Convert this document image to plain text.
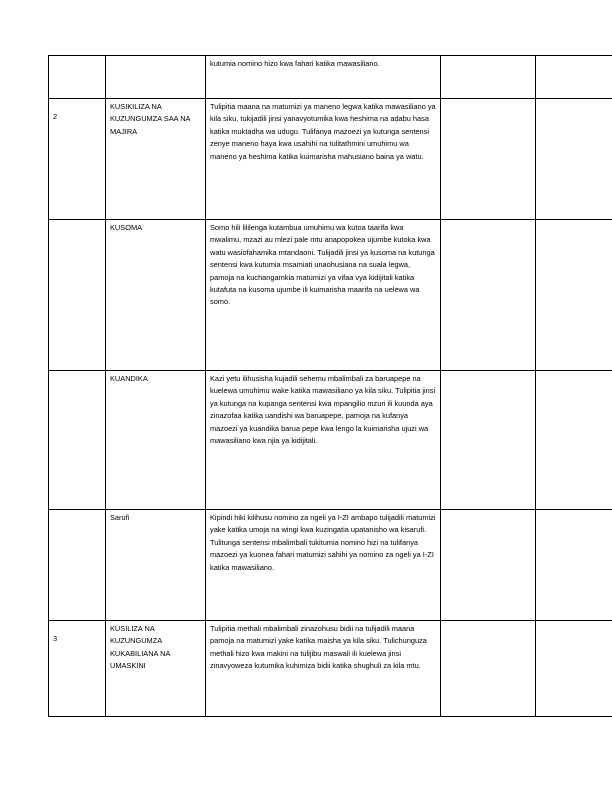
		kutumia nomino hizo kwa fahari katika mawasiliano.			

2	KUSIKILIZA NA KUZUNGUMZA SAA NA MAJIRA	Tulipitia maana na matumizi ya maneno legwa katika mawasiliano ya kila siku, tukijadili jinsi yanavyotumika kwa heshima na adabu hasa katika muktadha wa udugu. Tulifanya mazoezi ya kutunga sentensi zenye maneno haya kwa usahihi na tulitathmini umuhimu wa maneno ya heshima katika kuimarisha mahusiano baina ya watu.			

	KUSOMA	Somo hili lililenga kutambua umuhimu wa kutoa taarifa kwa mwalimu, mzazi au mlezi pale mtu anapopokea ujumbe kutoka kwa watu wasiofahamika mtandaoni. Tulijadili jinsi ya kusoma na kutunga sentensi kwa kutumia msamiati unaohusiana na suala legwa, pamoja na kuchangamkia matumizi ya vifaa vya kidijitali katika kutafuta na kusoma ujumbe ili kuimarisha maarifa na uelewa wa somo.			

	KUANDIKA	Kazi yetu ilihusisha kujadili sehemu mbalimbali za baruapepe na kuelewa umuhimu wake katika mawasiliano ya kila siku. Tulipitia jinsi ya kutunga na kupanga sentensi kwa mpangilio mzuri ili kuunda aya zinazofaa katika uandishi wa baruapepe, pamoja na kufanya mazoezi ya kuandika barua pepe kwa lengo la kuimarisha ujuzi wa mawasiliano kwa njia ya kidijitali.			

	Sarufi	Kipindi hiki kilihusu nomino za ngeli ya I-ZI ambapo tulijadili matumizi yake katika umoja na wingi kwa kuzingatia upatanisho wa kisarufi. Tulitunga sentensi mbalimbali tukitumia nomino hizi na tulifanya mazoezi ya kuonea fahari matumizi sahihi ya nomino za ngeli ya I-ZI katika mawasiliano.			

3	KUSILIZA NA KUZUNGUMZA KUKABILIANA NA UMASKINI	Tulipitia methali mbalimbali zinazohusu bidii na tulijadili maana pamoja na matumizi yake katika maisha ya kila siku. Tulichunguza methali hizo kwa makini na tulijibu maswali ili kuelewa jinsi zinavyoweza kutumika kuhimiza bidii katika shughuli za kila mtu.			
